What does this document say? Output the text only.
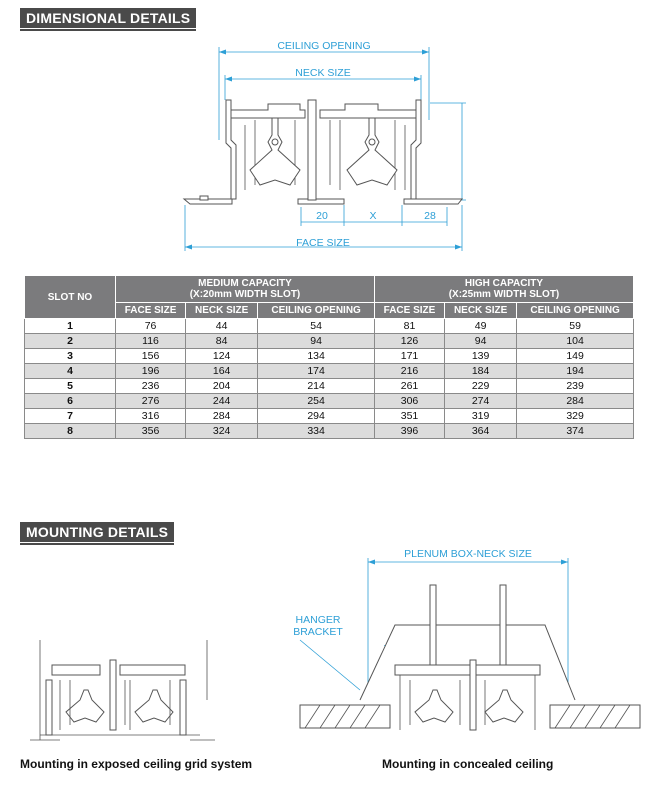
DIMENSIONAL DETAILS
CEILING OPENING
NECK SIZE
FACE SIZE
20	X	28
SLOT NO	MEDIUM CAPACITY
(X:20mm WIDTH SLOT)			HIGH CAPACITY
(X:25mm WIDTH SLOT)		
	FACE SIZE	NECK SIZE	CEILING OPENING	FACE SIZE	NECK SIZE	CEILING OPENING
1	76	44	54	81	49	59
2	116	84	94	126	94	104
3	156	124	134	171	139	149
4	196	164	174	216	184	194
5	236	204	214	261	229	239
6	276	244	254	306	274	284
7	316	284	294	351	319	329
8	356	324	334	396	364	374
MOUNTING DETAILS
PLENUM BOX-NECK SIZE
HANGER
BRACKET
Mounting in exposed ceiling grid system	Mounting in concealed ceiling
